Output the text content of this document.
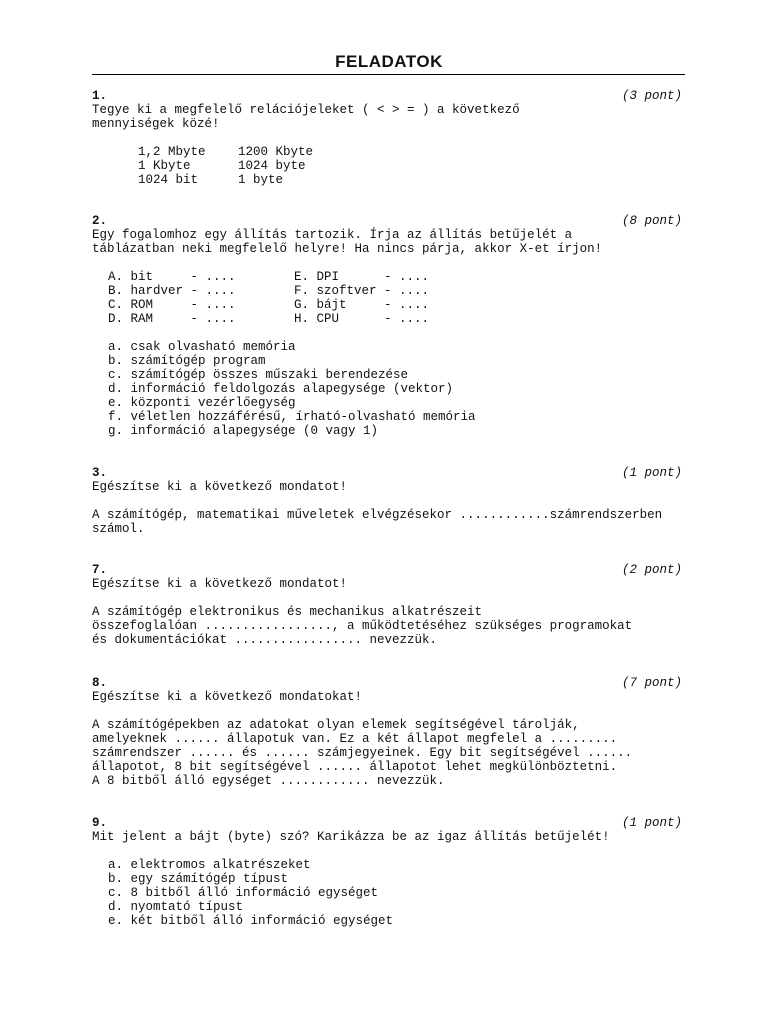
FELADATOK
1.	(3 pont)
Tegye ki a megfelelő relációjeleket ( < > = ) a következő
mennyiségek közé!
1,2 Mbyte	1200 Kbyte
1 Kbyte	1024 byte
1024 bit	1 byte
2.	(8 pont)
Egy fogalomhoz egy állítás tartozik. Írja az állítás betűjelét a
táblázatban neki megfelelő helyre! Ha nincs párja, akkor X-et írjon!
A. bit     - ....	E. DPI      - ....
B. hardver - ....	F. szoftver - ....
C. ROM     - ....	G. bájt     - ....
D. RAM     - ....	H. CPU      - ....
a. csak olvasható memória
b. számítógép program
c. számítógép összes műszaki berendezése
d. információ feldolgozás alapegysége (vektor)
e. központi vezérlőegység
f. véletlen hozzáférésű, írható-olvasható memória
g. információ alapegysége (0 vagy 1)
3.	(1 pont)
Egészítse ki a következő mondatot!
A számítógép, matematikai műveletek elvégzésekor ............számrendszerben
számol.
7.	(2 pont)
Egészítse ki a következő mondatot!
A számítógép elektronikus és mechanikus alkatrészeit
összefoglalóan ................., a működtetéséhez szükséges programokat
és dokumentációkat ................. nevezzük.
8.	(7 pont)
Egészítse ki a következő mondatokat!
A számítógépekben az adatokat olyan elemek segítségével tárolják,
amelyeknek ...... állapotuk van. Ez a két állapot megfelel a .........
számrendszer ...... és ...... számjegyeinek. Egy bit segítségével ......
állapotot, 8 bit segítségével ...... állapotot lehet megkülönböztetni.
A 8 bitből álló egységet ............ nevezzük.
9.	(1 pont)
Mit jelent a bájt (byte) szó? Karikázza be az igaz állítás betűjelét!
a. elektromos alkatrészeket
b. egy számítógép típust
c. 8 bitből álló információ egységet
d. nyomtató típust
e. két bitből álló információ egységet
